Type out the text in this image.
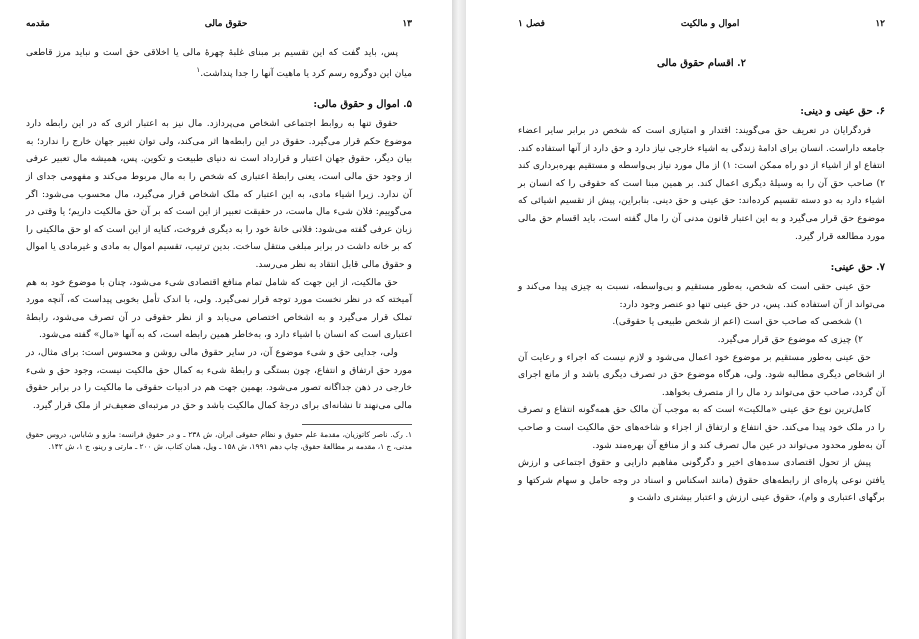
۱۳
حقوق مالی
مقدمه

پس، باید گفت که این تقسیم بر مبنای غلبهٔ چهرهٔ مالی یا اخلاقی حق است و نباید مرز قاطعی میان این دوگروه رسم کرد یا ماهیت آنها را جدا پنداشت.$^۱$

۵. اموال و حقوق مالی:

حقوق تنها به روابط اجتماعی اشخاص می‌پردازد. مال نیز به اعتبار اثری که در این رابطه دارد موضوع حکم قرار می‌گیرد. حقوق در این رابطه‌ها اثر می‌کند، ولی توان تغییر جهان خارج را ندارد؛ به بیان دیگر، حقوق جهان اعتبار و قرارداد است نه دنیای طبیعت و تکوین. پس، همیشه مال تعبیر عرفی از وجود حق مالی است، یعنی رابطهٔ اعتباری که شخص را به مال مربوط می‌کند و مفهومی جدای از آن ندارد. زیرا اشیاء مادی، به این اعتبار که ملک اشخاص قرار می‌گیرد، مال محسوب می‌شود: اگر می‌گوییم: فلان شیء مال ماست، در حقیقت تعبیر از این است که بر آن حق مالکیت داریم؛ یا وقتی در زبان عرفی گفته می‌شود: فلانی خانهٔ خود را به دیگری فروخت، کنایه از این است که او حق مالکیتی را که بر خانه داشت در برابر مبلغی منتقل ساخت. بدین ترتیب، تقسیم اموال به مادی و غیرمادی یا اموال و حقوق مالی قابل انتقاد به نظر می‌رسد.

حق مالکیت، از این جهت که شامل تمام منافع اقتصادی شیء می‌شود، چنان با موضوع خود به هم آمیخته که در نظر نخست مورد توجه قرار نمی‌گیرد. ولی، با اندک تأمل بخوبی پیداست که، آنچه مورد تملک قرار می‌گیرد و به اشخاص اختصاص می‌یابد و از نظر حقوقی در آن تصرف می‌شود، رابطهٔ اعتباری است که انسان با اشیاء دارد و، به‌خاطر همین رابطه است، که به آنها «مال» گفته می‌شود.

ولی، جدایی حق و شیء موضوع آن، در سایر حقوق مالی روشن و محسوس است: برای مثال، در مورد حق ارتفاق و انتفاع، چون بستگی و رابطهٔ شیء به کمال حق مالکیت نیست، وجود حق و شیء خارجی در ذهن جداگانه تصور می‌شود. بهمین جهت هم در ادبیات حقوقی ما مالکیت را در برابر حقوق مالی می‌نهند تا نشانه‌ای برای درجهٔ کمال مالکیت باشد و حق در مرتبه‌ای ضعیف‌تر از ملک قرار گیرد.

۱. رک. ناصر کاتوزیان، مقدمهٔ علم حقوق و نظام حقوقی ایران، ش ۲۳۸ ـ و در حقوق فرانسه: مازو و شاباس، دروس حقوق مدنی، ج ۱، مقدمه بر مطالعهٔ حقوق، چاپ دهم ۱۹۹۱، ش ۱۵۸ ـ ویل، همان کتاب، ش ۲۰۰ ـ مارتی و رینو، ج ۱، ش ۱۴۲.

۱۲
اموال و مالکیت
فصل ۱
۲. اقسام حقوق مالی
۶. حق عینی و دینی:

فردگرایان در تعریف حق می‌گویند: اقتدار و امتیازی است که شخص در برابر سایر اعضاء جامعه داراست. انسان برای ادامهٔ زندگی به اشیاء خارجی نیاز دارد و حق دارد از آنها استفاده کند. انتفاع او از اشیاء از دو راه ممکن است: ۱) از مال مورد نیاز بی‌واسطه و مستقیم بهره‌برداری کند ۲) صاحب حق آن را به وسیلهٔ دیگری اعمال کند. بر همین مبنا است که حقوقی را که انسان بر اشیاء دارد به دو دسته تقسیم کرده‌اند: حق عینی و حق دینی. بنابراین، پیش از تقسیم اشیائی که موضوع حق قرار می‌گیرد و به این اعتبار قانون مدنی آن را مال گفته است، باید اقسام حق مالی مورد مطالعه قرار گیرد.

۷. حق عینی:

حق عینی حقی است که شخص، به‌طور مستقیم و بی‌واسطه، نسبت به چیزی پیدا می‌کند و می‌تواند از آن استفاده کند. پس، در حق عینی تنها دو عنصر وجود دارد:

۱) شخصی که صاحب حق است (اعم از شخص طبیعی یا حقوقی).

۲) چیزی که موضوع حق قرار می‌گیرد.

حق عینی به‌طور مستقیم بر موضوع خود اعمال می‌شود و لازم نیست که اجراء و رعایت آن از اشخاص دیگری مطالبه شود. ولی، هرگاه موضوع حق در تصرف دیگری باشد و از مانع اجرای آن گردد، صاحب حق می‌تواند رد مال را از متصرف بخواهد.

کامل‌ترین نوع حق عینی «مالکیت» است که به موجب آن مالک حق همه‌گونه انتفاع و تصرف را در ملک خود پیدا می‌کند. حق انتفاع و ارتفاق از اجزاء و شاخه‌های حق مالکیت است و صاحب آن به‌طور محدود می‌تواند در عین مال تصرف کند و از منافع آن بهره‌مند شود.

پیش از تحول اقتصادی سده‌های اخیر و دگرگونی مفاهیم دارایی و حقوق اجتماعی و ارزش یافتن نوعی پاره‌ای از رابطه‌های حقوق (مانند اسکناس و اسناد در وجه حامل و سهام شرکتها و برگهای اعتباری و وام)، حقوق عینی ارزش و اعتبار بیشتری داشت و
